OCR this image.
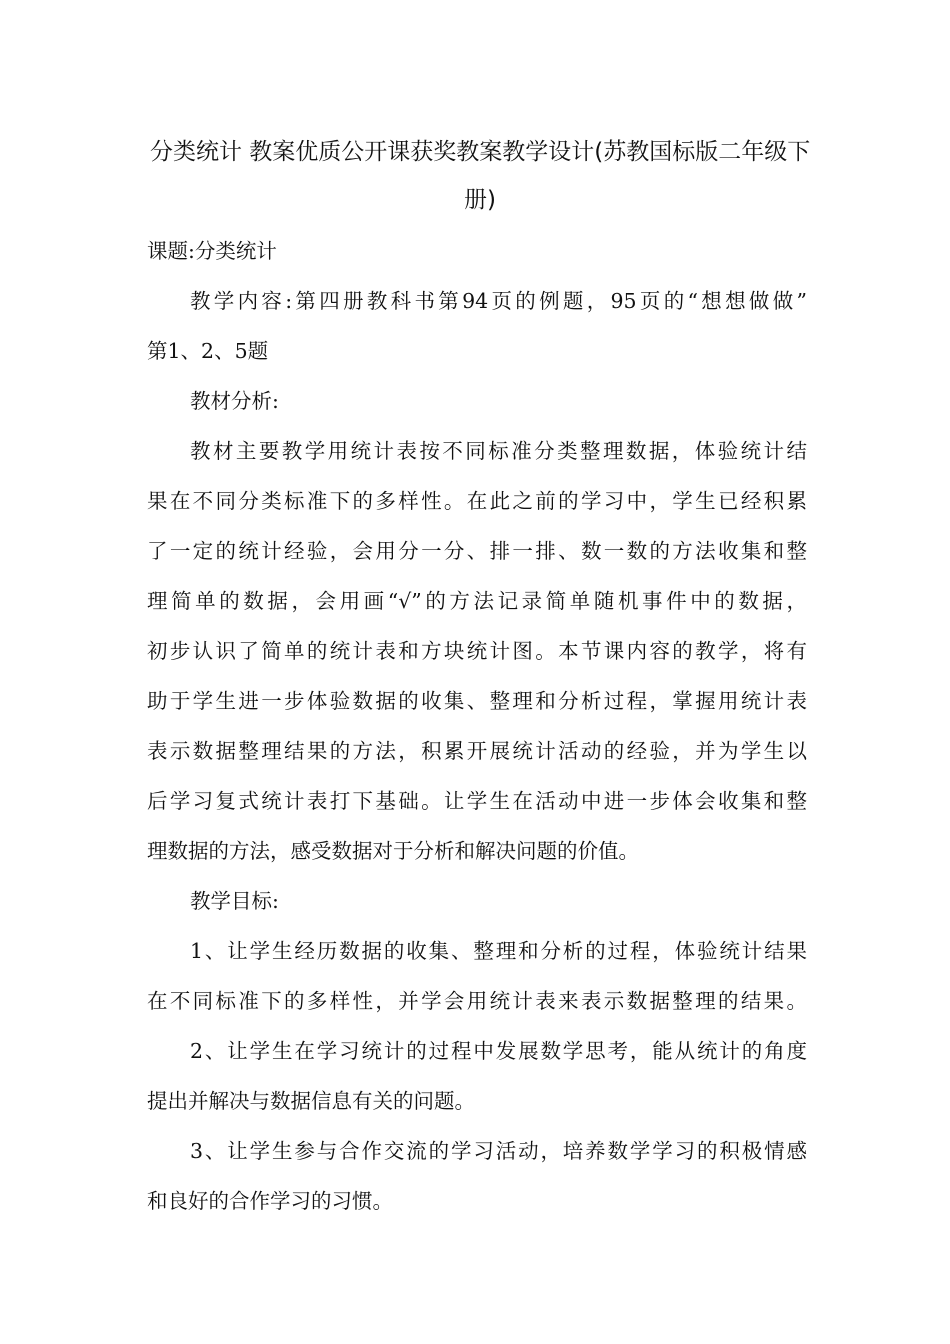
分类统计 教案优质公开课获奖教案教学设计(苏教国标版二年级下
册)
课题:分类统计
教学内容:第四册教科书第94页的例题，95页的“想想做做”
第1、2、5题
教材分析:
教材主要教学用统计表按不同标准分类整理数据，体验统计结
果在不同分类标准下的多样性。在此之前的学习中，学生已经积累
了一定的统计经验，会用分一分、排一排、数一数的方法收集和整
理简单的数据，会用画“√”的方法记录简单随机事件中的数据，
初步认识了简单的统计表和方块统计图。本节课内容的教学，将有
助于学生进一步体验数据的收集、整理和分析过程，掌握用统计表
表示数据整理结果的方法，积累开展统计活动的经验，并为学生以
后学习复式统计表打下基础。让学生在活动中进一步体会收集和整
理数据的方法，感受数据对于分析和解决问题的价值。
教学目标:
1、让学生经历数据的收集、整理和分析的过程，体验统计结果
在不同标准下的多样性，并学会用统计表来表示数据整理的结果。
2、让学生在学习统计的过程中发展数学思考，能从统计的角度
提出并解决与数据信息有关的问题。
3、让学生参与合作交流的学习活动，培养数学学习的积极情感
和良好的合作学习的习惯。
